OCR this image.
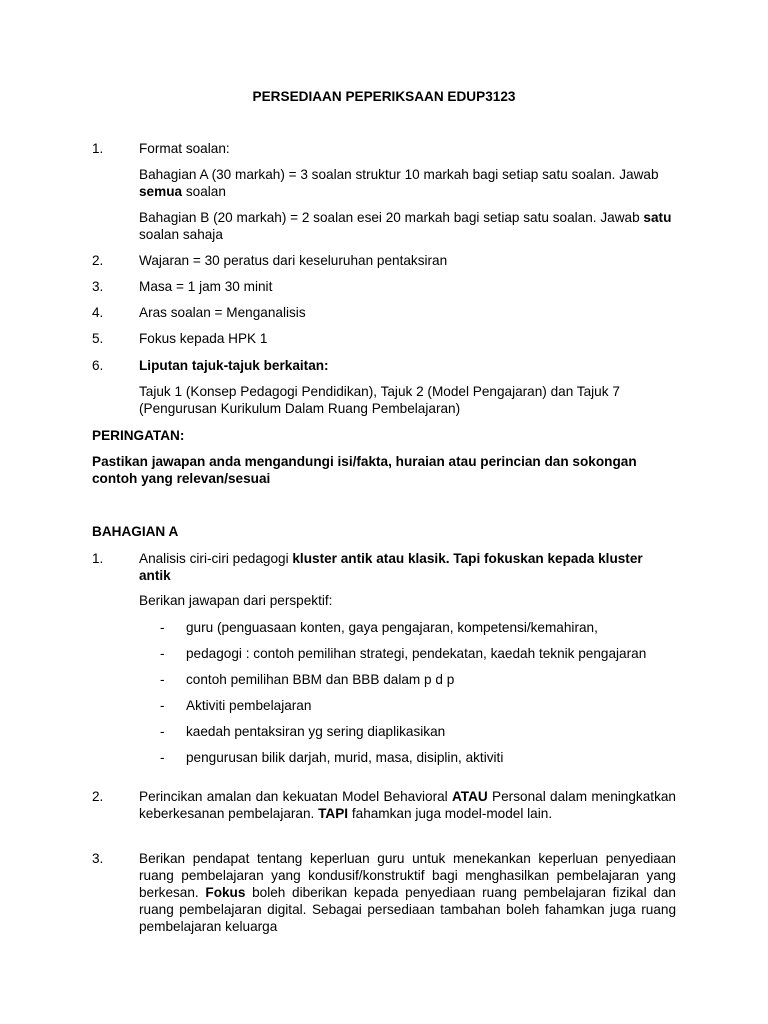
PERSEDIAAN PEPERIKSAAN EDUP3123
1.	Format soalan:

Bahagian A (30 markah) = 3 soalan struktur 10 markah bagi setiap satu soalan. Jawab semua soalan

Bahagian B (20 markah) = 2 soalan esei 20 markah bagi setiap satu soalan. Jawab satu soalan sahaja

2.	Wajaran = 30 peratus dari keseluruhan pentaksiran

3.	Masa = 1 jam 30 minit

4.	Aras soalan = Menganalisis

5.	Fokus kepada HPK 1

6.	Liputan tajuk-tajuk berkaitan:

Tajuk 1 (Konsep Pedagogi Pendidikan), Tajuk 2 (Model Pengajaran) dan Tajuk 7 (Pengurusan Kurikulum Dalam Ruang Pembelajaran)

PERINGATAN:
Pastikan jawapan anda mengandungi isi/fakta, huraian atau perincian dan sokongan contoh yang relevan/sesuai
BAHAGIAN A
1.	Analisis ciri-ciri pedagogi kluster antik atau klasik. Tapi fokuskan kepada kluster antik

Berikan jawapan dari perspektif:
- guru (penguasaan konten, gaya pengajaran, kompetensi/kemahiran,
- pedagogi : contoh pemilihan strategi, pendekatan, kaedah teknik pengajaran
- contoh pemilihan BBM dan BBB dalam p d p
- Aktiviti pembelajaran
- kaedah pentaksiran yg sering diaplikasikan
- pengurusan bilik darjah, murid, masa, disiplin, aktiviti
2.	Perincikan amalan dan kekuatan Model Behavioral ATAU Personal dalam meningkatkan keberkesanan pembelajaran. TAPI fahamkan juga model-model lain.

3.	Berikan pendapat tentang keperluan guru untuk menekankan keperluan penyediaan ruang pembelajaran yang kondusif/konstruktif bagi menghasilkan pembelajaran yang berkesan. Fokus boleh diberikan kepada penyediaan ruang pembelajaran fizikal dan ruang pembelajaran digital. Sebagai persediaan tambahan boleh fahamkan juga ruang pembelajaran keluarga
